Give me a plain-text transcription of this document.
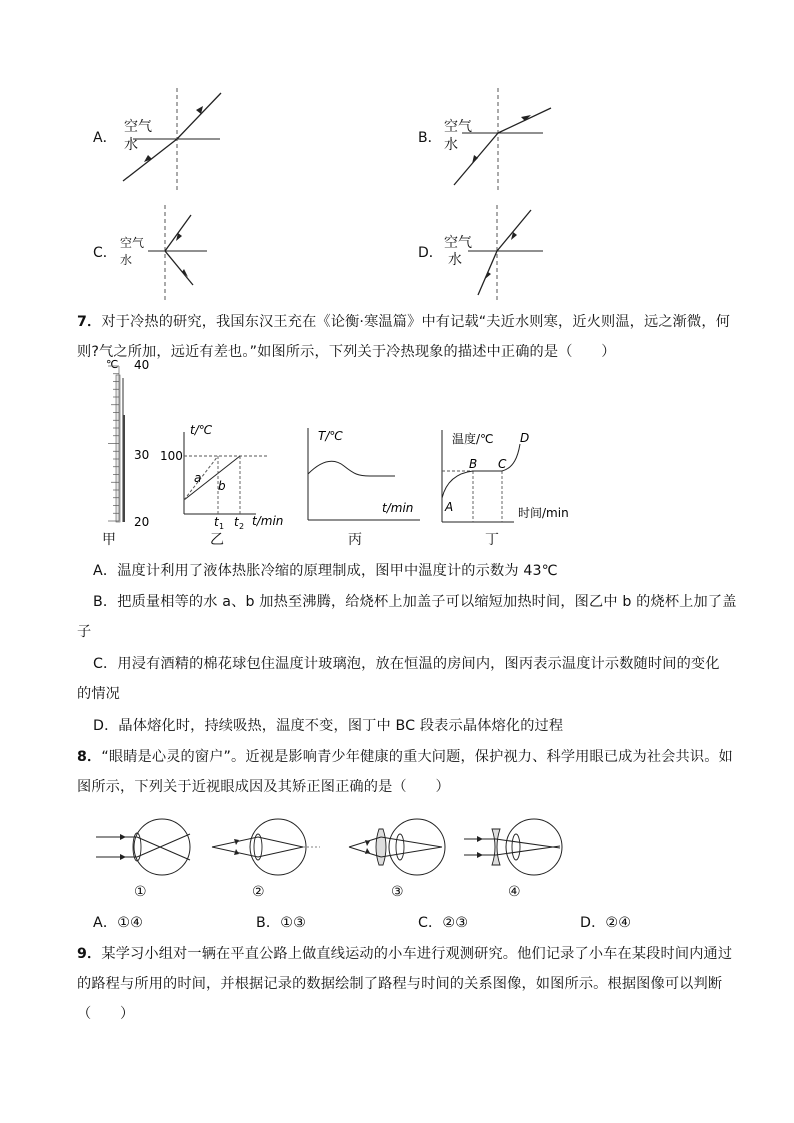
A．
空气
水	B．
空气
水
C．
空气
水	D．
空气
水
7．对于冷热的研究，我国东汉王充在《论衡·寒温篇》中有记载“夫近水则寒，近火则温，远之渐微，何
则?气之所加，远近有差也。”如图所示，下列关于冷热现象的描述中正确的是（　　）
℃ 40
30
20
甲
t/℃
100
a
b
t 1 t 2 t/min
乙
T/℃
t/min
丙
温度/℃
时间/min
A
B C
D
丁
A．温度计利用了液体热胀冷缩的原理制成，图甲中温度计的示数为 43℃
B．把质量相等的水 a、b 加热至沸腾，给烧杯上加盖子可以缩短加热时间，图乙中 b 的烧杯上加了盖
子
C．用浸有酒精的棉花球包住温度计玻璃泡，放在恒温的房间内，图丙表示温度计示数随时间的变化
的情况
D．晶体熔化时，持续吸热，温度不变，图丁中 BC 段表示晶体熔化的过程
8．“眼睛是心灵的窗户”。近视是影响青少年健康的重大问题，保护视力、科学用眼已成为社会共识。如
图所示，下列关于近视眼成因及其矫正图正确的是（　　）
①	②	③	④
A．①④	B．①③	C．②③	D．②④
9．某学习小组对一辆在平直公路上做直线运动的小车进行观测研究。他们记录了小车在某段时间内通过
的路程与所用的时间，并根据记录的数据绘制了路程与时间的关系图像，如图所示。根据图像可以判断
（　　）
